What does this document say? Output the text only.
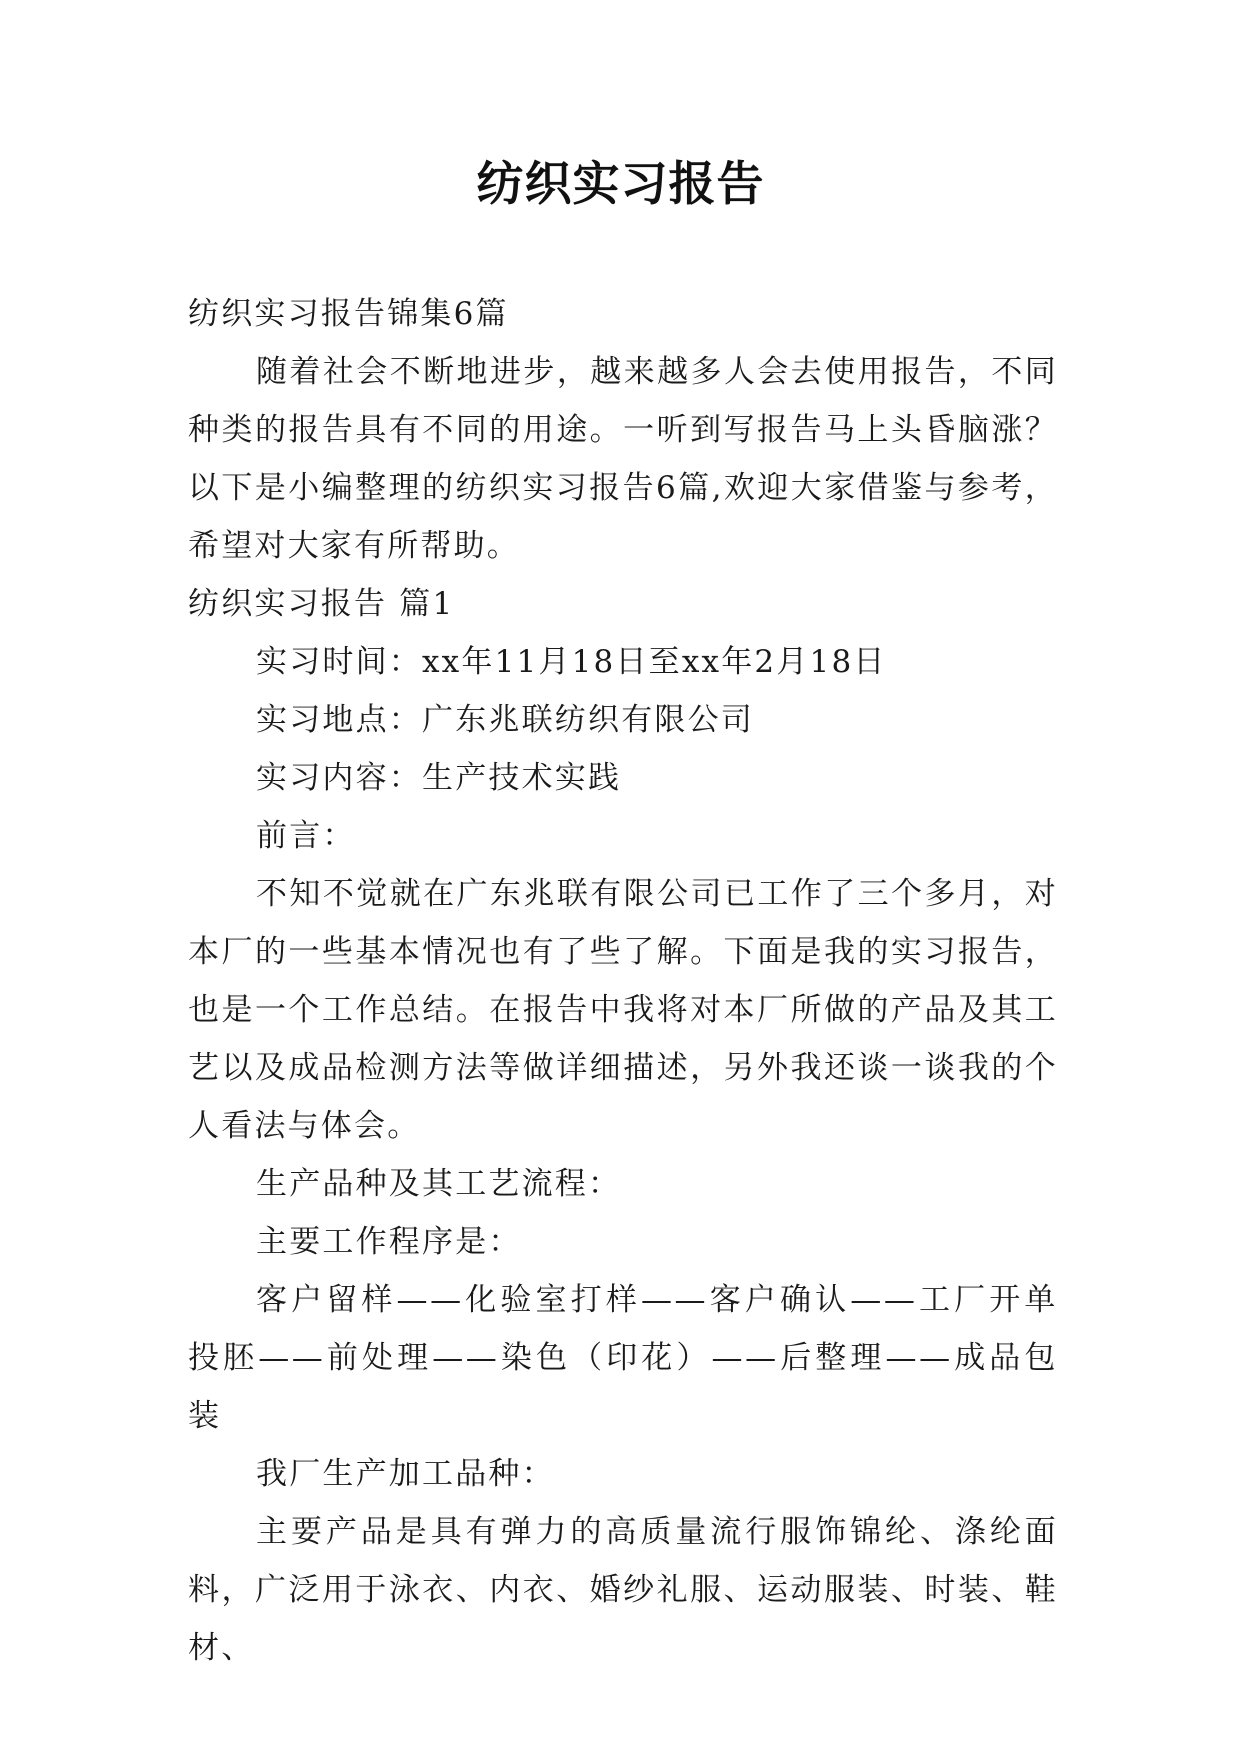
纺织实习报告

纺织实习报告锦集6篇

随着社会不断地进步，越来越多人会去使用报告，不同种类的报告具有不同的用途。一听到写报告马上头昏脑涨？以下是小编整理的纺织实习报告6篇,欢迎大家借鉴与参考，希望对大家有所帮助。

纺织实习报告 篇1

实习时间：xx年11月18日至xx年2月18日

实习地点：广东兆联纺织有限公司

实习内容：生产技术实践

前言：

不知不觉就在广东兆联有限公司已工作了三个多月，对本厂的一些基本情况也有了些了解。下面是我的实习报告，也是一个工作总结。在报告中我将对本厂所做的产品及其工艺以及成品检测方法等做详细描述，另外我还谈一谈我的个人看法与体会。

生产品种及其工艺流程：

主要工作程序是：

客户留样——化验室打样——客户确认——工厂开单投胚——前处理——染色（印花）——后整理——成品包装

我厂生产加工品种：

主要产品是具有弹力的高质量流行服饰锦纶、涤纶面料，广泛用于泳衣、内衣、婚纱礼服、运动服装、时装、鞋材、
